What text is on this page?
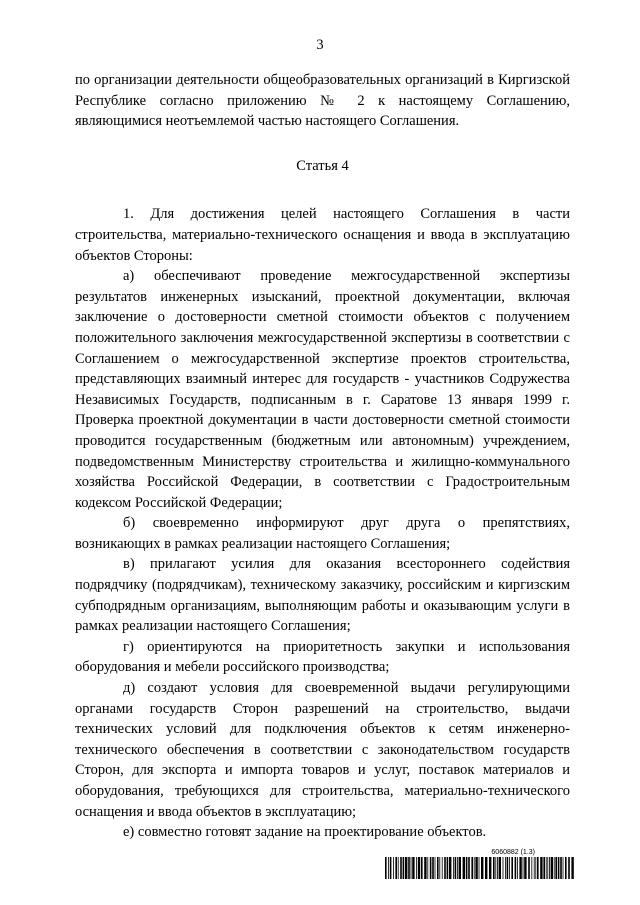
3

по организации деятельности общеобразовательных организаций в Киргизской Республике согласно приложению № 2 к настоящему Соглашению, являющимися неотъемлемой частью настоящего Соглашения.

Статья 4

1. Для достижения целей настоящего Соглашения в части строительства, материально-технического оснащения и ввода в эксплуатацию объектов Стороны:

а) обеспечивают проведение межгосударственной экспертизы результатов инженерных изысканий, проектной документации, включая заключение о достоверности сметной стоимости объектов с получением положительного заключения межгосударственной экспертизы в соответствии с Соглашением о межгосударственной экспертизе проектов строительства, представляющих взаимный интерес для государств - участников Содружества Независимых Государств, подписанным в г. Саратове 13 января 1999 г. Проверка проектной документации в части достоверности сметной стоимости проводится государственным (бюджетным или автономным) учреждением, подведомственным Министерству строительства и жилищно-коммунального хозяйства Российской Федерации, в соответствии с Градостроительным кодексом Российской Федерации;

б) своевременно информируют друг друга о препятствиях, возникающих в рамках реализации настоящего Соглашения;

в) прилагают усилия для оказания всестороннего содействия подрядчику (подрядчикам), техническому заказчику, российским и киргизским субподрядным организациям, выполняющим работы и оказывающим услуги в рамках реализации настоящего Соглашения;

г) ориентируются на приоритетность закупки и использования оборудования и мебели российского производства;

д) создают условия для своевременной выдачи регулирующими органами государств Сторон разрешений на строительство, выдачи технических условий для подключения объектов к сетям инженерно-технического обеспечения в соответствии с законодательством государств Сторон, для экспорта и импорта товаров и услуг, поставок материалов и оборудования, требующихся для строительства, материально-технического оснащения и ввода объектов в эксплуатацию;

е) совместно готовят задание на проектирование объектов.

6060882 (1.3)
